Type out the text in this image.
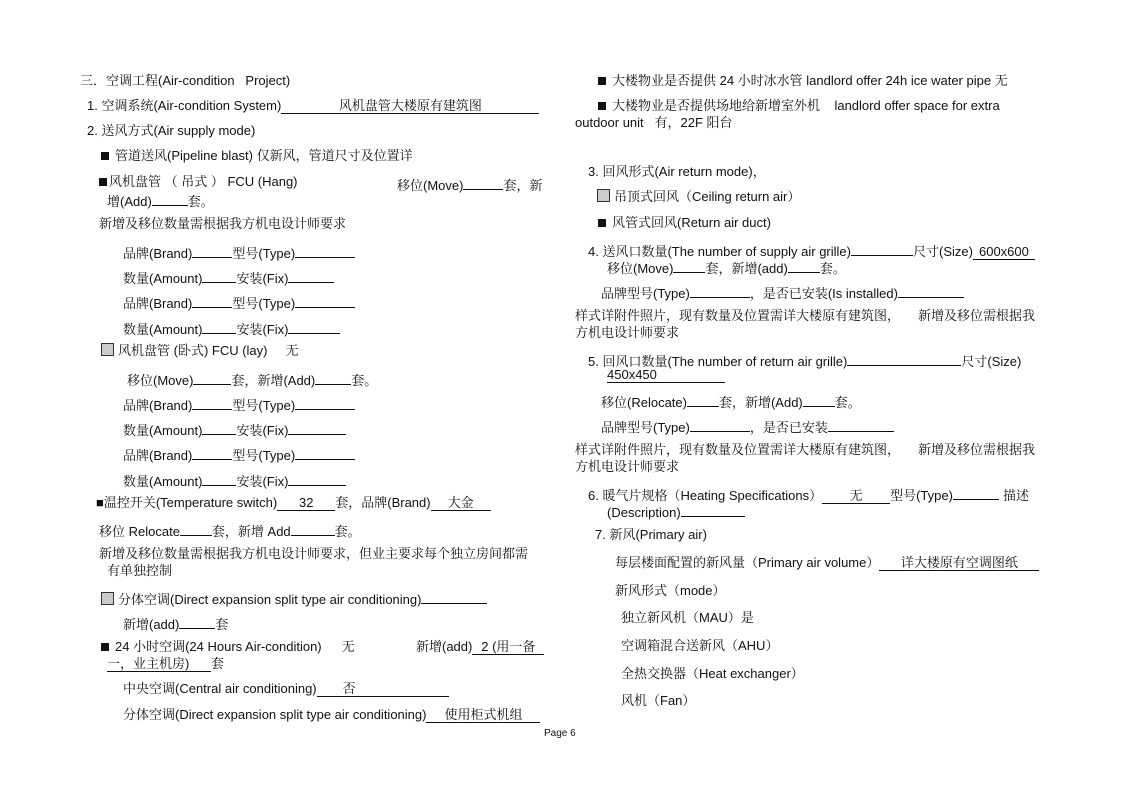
三．空调工程(Air-condition   Project)
1. 空调系统(Air-condition System)	风机盘管大楼原有建筑图
2. 送风方式(Air supply mode)
管道送风(Pipeline blast) 仅新风，管道尺寸及位置详
风机盘管 （ 吊式 ） FCU (Hang)	移位(Move)	套，新
增(Add)	套。
新增及移位数量需根据我方机电设计师要求
品牌(Brand)	型号(Type)
数量(Amount)	安装(Fix)
品牌(Brand)	型号(Type)
数量(Amount)	安装(Fix)
风机盘管 (卧式) FCU (lay) 无
移位(Move)	套，新增(Add)	套。
品牌(Brand)	型号(Type)
数量(Amount)	安装(Fix)
品牌(Brand)	型号(Type)
数量(Amount)	安装(Fix)
■温控开关(Temperature switch) 32 套，品牌(Brand) 大金
移位 Relocate 套，新增 Add	套。
新增及移位数量需根据我方机电设计师要求，但业主要求每个独立房间都需
有单独控制
分体空调(Direct expansion split type air conditioning)
新增(add)	套
24 小时空调(24 Hours Air-condition) 无	新增(add) 2 (用一备
一，业主机房) 套
中央空调(Central air conditioning) 否
分体空调(Direct expansion split type air conditioning) 使用柜式机组
大楼物业是否提供 24 小时冰水管 landlord offer 24h ice water pipe 无
大楼物业是否提供场地给新增室外机    landlord offer space for extra
outdoor unit   有，22F 阳台
3. 回风形式(Air return mode)，
吊顶式回风（Ceiling return air）
风管式回风(Return air duct)
4. 送风口数量(The number of supply air grille)	尺寸(Size) 600x600
移位(Move) 套，新增(add) 套。
品牌型号(Type)	，是否已安装(Is installed)
样式详附件照片，现有数量及位置需详大楼原有建筑图，     新增及移位需根据我
方机电设计师要求
5. 回风口数量(The number of return air grille)	尺寸(Size)
450x450
移位(Relocate) 套，新增(Add) 套。
品牌型号(Type)	，是否已安装
样式详附件照片，现有数量及位置需详大楼原有建筑图，     新增及移位需根据我
方机电设计师要求
6. 暖气片规格（Heating Specifications） 无 型号(Type)	描述
(Description)
7. 新风(Primary air)
每层楼面配置的新风量（Primary air volume） 详大楼原有空调图纸
新风形式（mode）
独立新风机（MAU）是
空调箱混合送新风（AHU）
全热交换器（Heat exchanger）
风机（Fan）
Page 6
